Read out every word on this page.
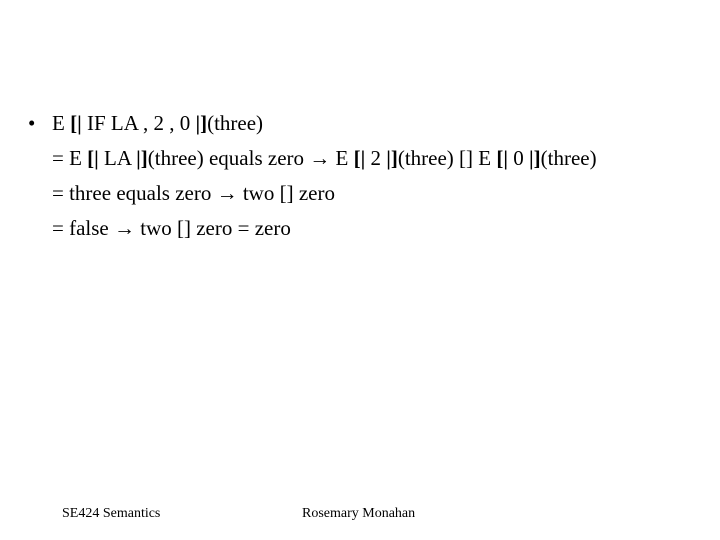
• E [| IF LA , 2 , 0 |](three)
= E [| LA |](three) equals zero → E [| 2 |](three) [] E [| 0 |](three)
= three equals zero → two [] zero
= false → two [] zero = zero
SE424 Semantics	Rosemary Monahan
